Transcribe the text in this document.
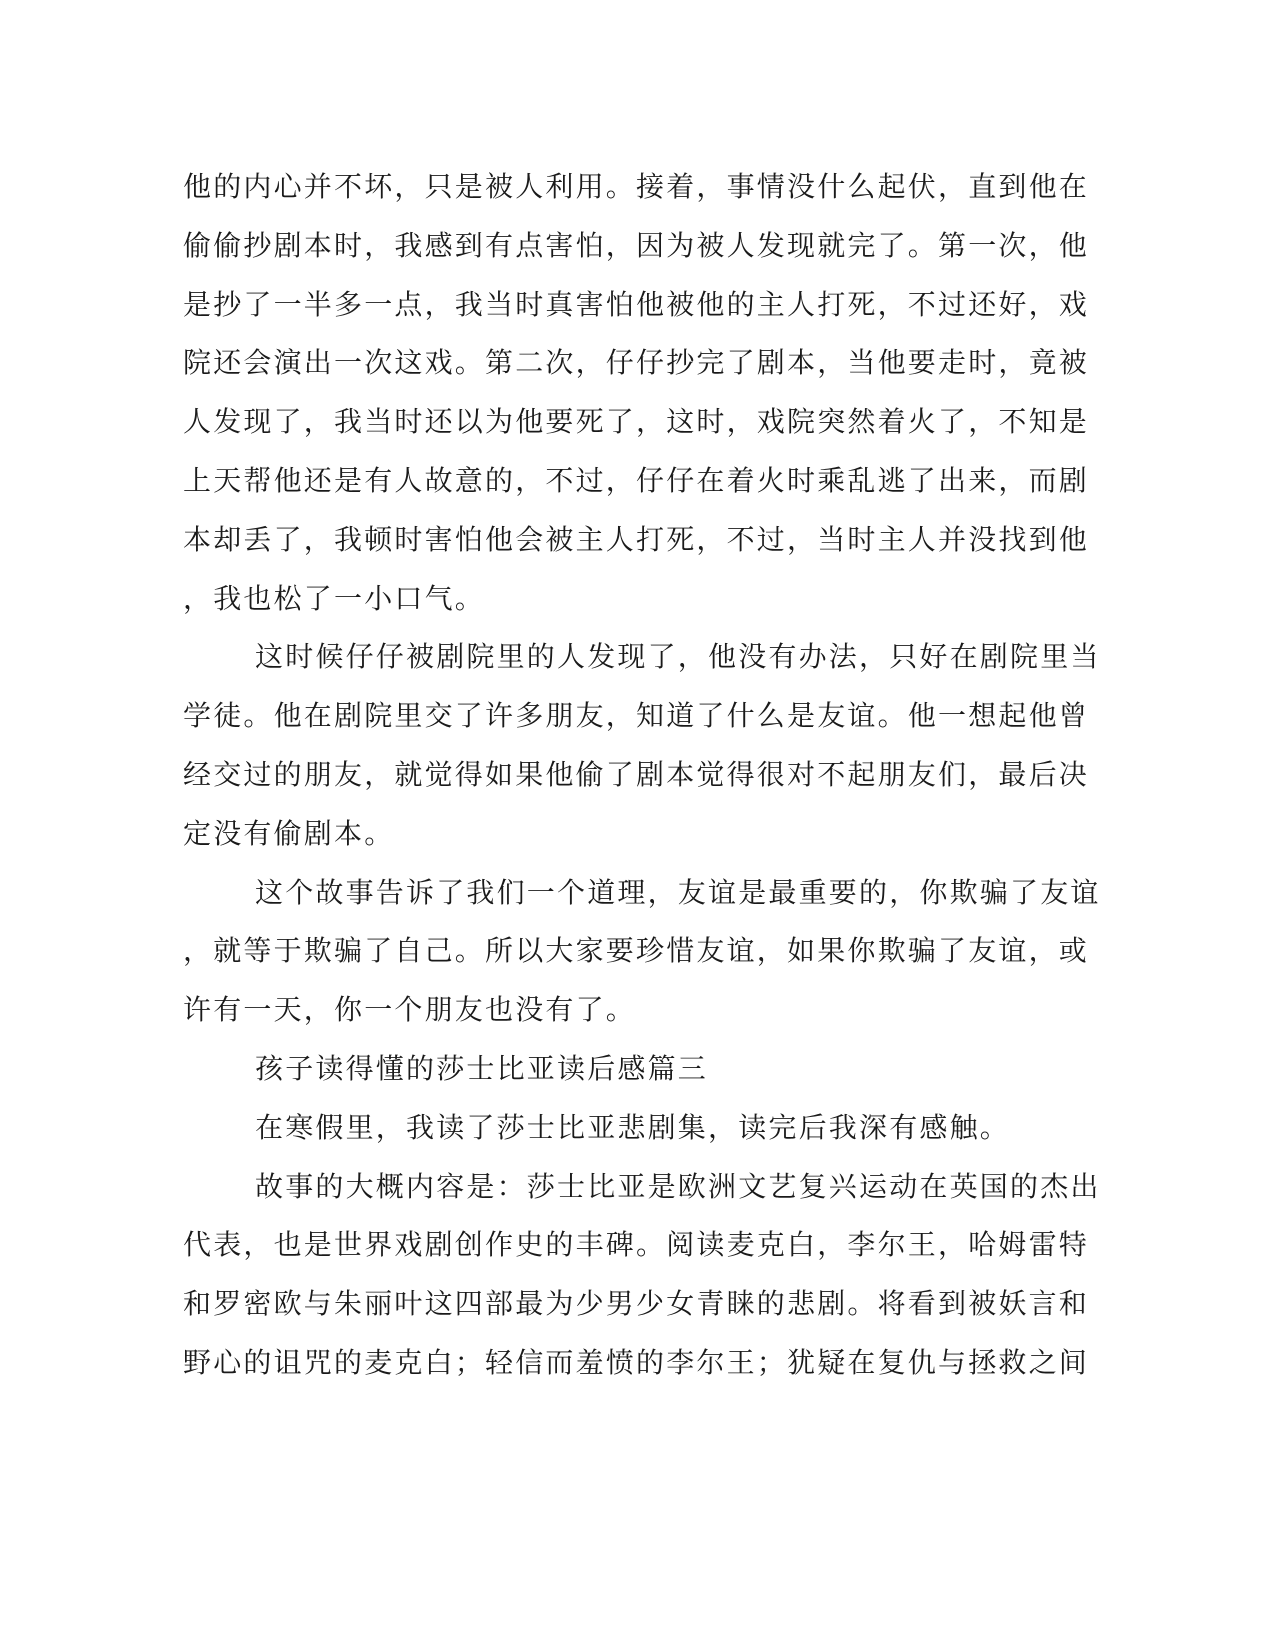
他的内心并不坏，只是被人利用。接着，事情没什么起伏，直到他在
偷偷抄剧本时，我感到有点害怕，因为被人发现就完了。第一次，他
是抄了一半多一点，我当时真害怕他被他的主人打死，不过还好，戏
院还会演出一次这戏。第二次，仔仔抄完了剧本，当他要走时，竟被
人发现了，我当时还以为他要死了，这时，戏院突然着火了，不知是
上天帮他还是有人故意的，不过，仔仔在着火时乘乱逃了出来，而剧
本却丢了，我顿时害怕他会被主人打死，不过，当时主人并没找到他
，我也松了一小口气。
这时候仔仔被剧院里的人发现了，他没有办法，只好在剧院里当
学徒。他在剧院里交了许多朋友，知道了什么是友谊。他一想起他曾
经交过的朋友，就觉得如果他偷了剧本觉得很对不起朋友们，最后决
定没有偷剧本。
这个故事告诉了我们一个道理，友谊是最重要的，你欺骗了友谊
，就等于欺骗了自己。所以大家要珍惜友谊，如果你欺骗了友谊，或
许有一天，你一个朋友也没有了。
孩子读得懂的莎士比亚读后感篇三
在寒假里，我读了莎士比亚悲剧集，读完后我深有感触。
故事的大概内容是：莎士比亚是欧洲文艺复兴运动在英国的杰出
代表，也是世界戏剧创作史的丰碑。阅读麦克白，李尔王，哈姆雷特
和罗密欧与朱丽叶这四部最为少男少女青睐的悲剧。将看到被妖言和
野心的诅咒的麦克白；轻信而羞愤的李尔王；犹疑在复仇与拯救之间
